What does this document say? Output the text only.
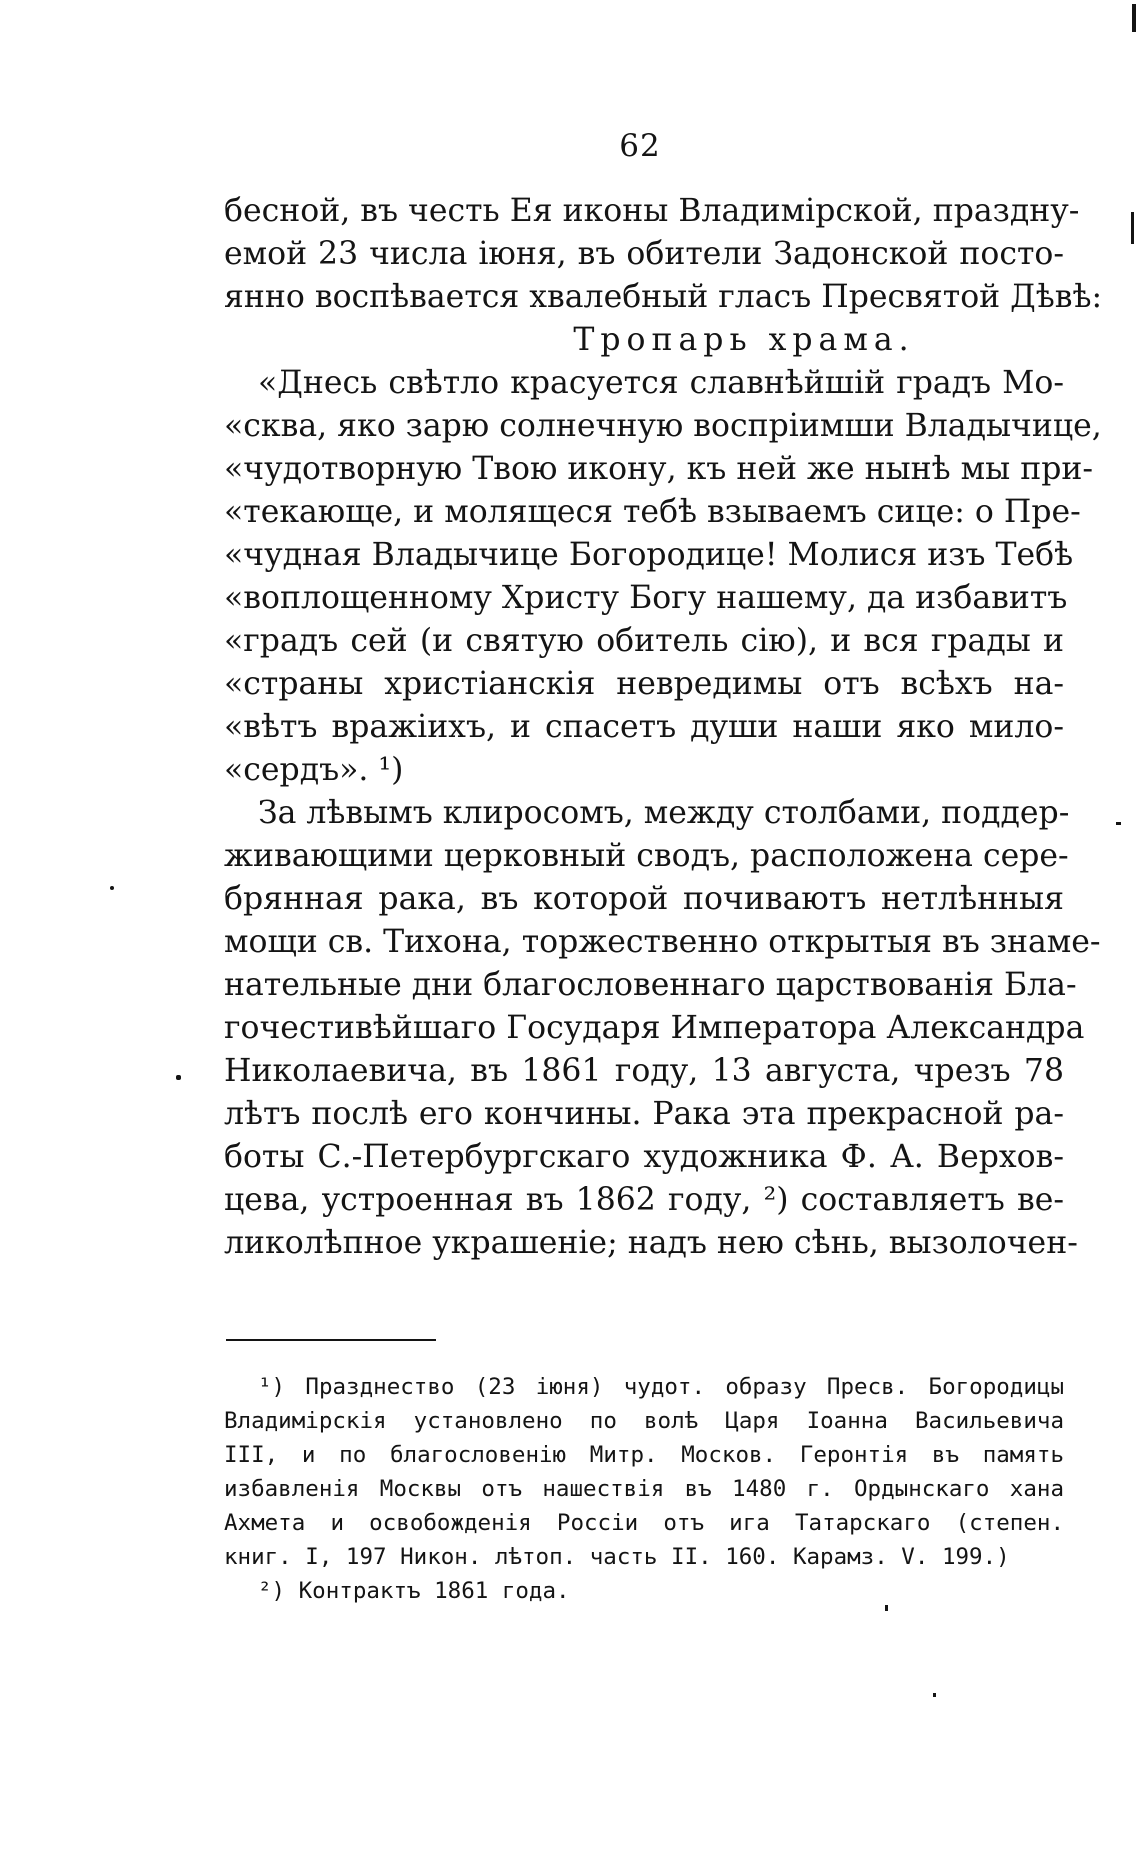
62
бесной, въ честь Ея иконы Владимірской, праздну-
емой 23 числа іюня, въ обители Задонской посто-
янно воспѣвается хвалебный гласъ Пресвятой Дѣвѣ:
Тропарь храма.
«Днесь свѣтло красуется славнѣйшій градъ Мо-
«сква, яко зарю солнечную воспріимши Владычице,
«чудотворную Твою икону, къ ней же нынѣ мы при-
«текающе, и молящеся тебѣ взываемъ сице: о Пре-
«чудная Владычице Богородице! Молися изъ Тебѣ
«воплощенному Христу Богу нашему, да избавитъ
«градъ сей (и святую обитель сію), и вся грады и
«страны христіанскія невредимы отъ всѣхъ на-
«вѣтъ вражіихъ, и спасетъ души наши яко мило-
«сердъ». ¹)
За лѣвымъ клиросомъ, между столбами, поддер-
живающими церковный сводъ, расположена сере-
брянная рака, въ которой почиваютъ нетлѣнныя
мощи св. Тихона, торжественно открытыя въ знаме-
нательные дни благословеннаго царствованія Бла-
гочестивѣйшаго Государя Императора Александра
Николаевича, въ 1861 году, 13 августа, чрезъ 78
лѣтъ послѣ его кончины. Рака эта прекрасной ра-
боты С.-Петербургскаго художника Ф. А. Верхов-
цева, устроенная въ 1862 году, ²) составляетъ ве-
ликолѣпное украшеніе; надъ нею сѣнь, вызолочен-
¹) Празднество (23 іюня) чудот. образу Пресв. Богородицы
Владимірскія установлено по волѣ Царя Іоанна Васильевича
III, и по благословенію Митр. Москов. Геронтія въ память
избавленія Москвы отъ нашествія въ 1480 г. Ордынскаго хана
Ахмета и освобожденія Россіи отъ ига Татарскаго (степен.
книг. I, 197 Никон. лѣтоп. часть II. 160. Карамз. V. 199.)
²) Контрактъ 1861 года.
